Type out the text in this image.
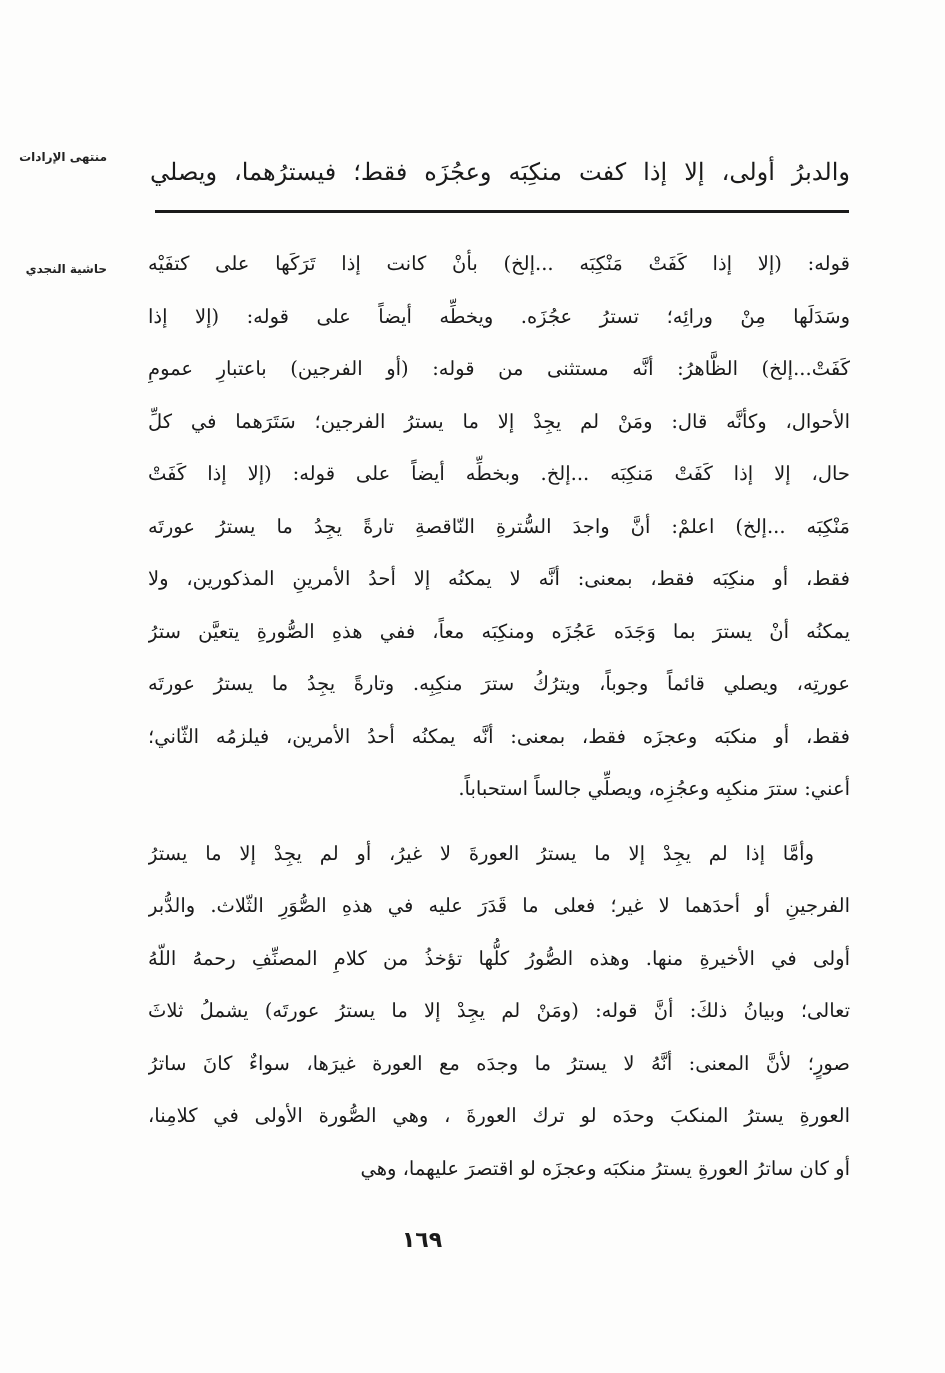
منتهى الإرادات
حاشية النجدي
والدبرُ أولى، إلا إذا كفت منكِبَه وعجُزَه فقط؛ فيسترُهما، ويصلي
قوله: (إلا إذا كَفَتْ مَنْكِبَه ...إلخ) بأنْ كانت إذا تَرَكَها على كتفَيْه
وسَدَلَها مِنْ ورائِه؛ تسترُ عجُزَه. ويخطِّه أيضاً على قوله: (إلا إذا
كَفَتْ...إلخ) الظَّاهرُ: أنَّه مستثنى من قوله: (أو الفرجين) باعتبارِ عمومِ
الأحوال، وكأنَّه قال: ومَنْ لم يجِدْ إلا ما يسترُ الفرجين؛ سَتَرَهما في كلِّ
حال، إلا إذا كَفَتْ مَنكِبَه ...إلخ. وبخطِّه أيضاً على قوله: (إلا إذا كَفَتْ
مَنْكِبَه ...إلخ) اعلمْ: أنَّ واجدَ السُّترةِ النّاقصةِ تارةً يجِدُ ما يسترُ عورتَه
فقط، أو منكِبَه فقط، بمعنى: أنَّه لا يمكنُه إلا أحدُ الأمرينِ المذكورين، ولا
يمكنُه أنْ يسترَ بما وَجَدَه عَجُزَه ومنكِبَه معاً، ففي هذهِ الصُّورةِ يتعيَّن سترُ
عورتِه، ويصلي قائماً وجوباً، ويترُكُ سترَ منكِبِه. وتارةً يجِدُ ما يسترُ عورتَه
فقط، أو منكبَه وعجزَه فقط، بمعنى: أنَّه يمكنُه أحدُ الأمرين، فيلزمُه الثّاني؛
أعني: سترَ منكبِه وعجُزِه، ويصلِّي جالساً استحباباً.
وأمَّا إذا لم يجِدْ إلا ما يسترُ العورةَ لا غيرُ، أو لم يجِدْ إلا ما يسترُ
الفرجينِ أو أحدَهما لا غير؛ فعلى ما قَدَرَ عليه في هذهِ الصُّوَرِ الثّلاث. والدُّبر
أولى في الأخيرةِ منها. وهذه الصُّورُ كلُّها تؤخذُ من كلامِ المصنِّفِ رحمهُ اللّهُ
تعالى؛ وبيانُ ذلكَ: أنَّ قوله: (ومَنْ لم يجِدْ إلا ما يسترُ عورتَه) يشملُ ثلاثَ
صورٍ؛ لأنَّ المعنى: أنَّهُ لا يسترُ ما وجدَه مع العورة غيرَها، سواءٌ كانَ ساترُ
العورةِ يسترُ المنكبَ وحدَه لو ترك العورةَ ، وهي الصُّورة الأولى في كلامِنا،
أو كان ساترُ العورةِ يسترُ منكبَه وعجزَه لو اقتصرَ عليهما، وهي
١٦٩
